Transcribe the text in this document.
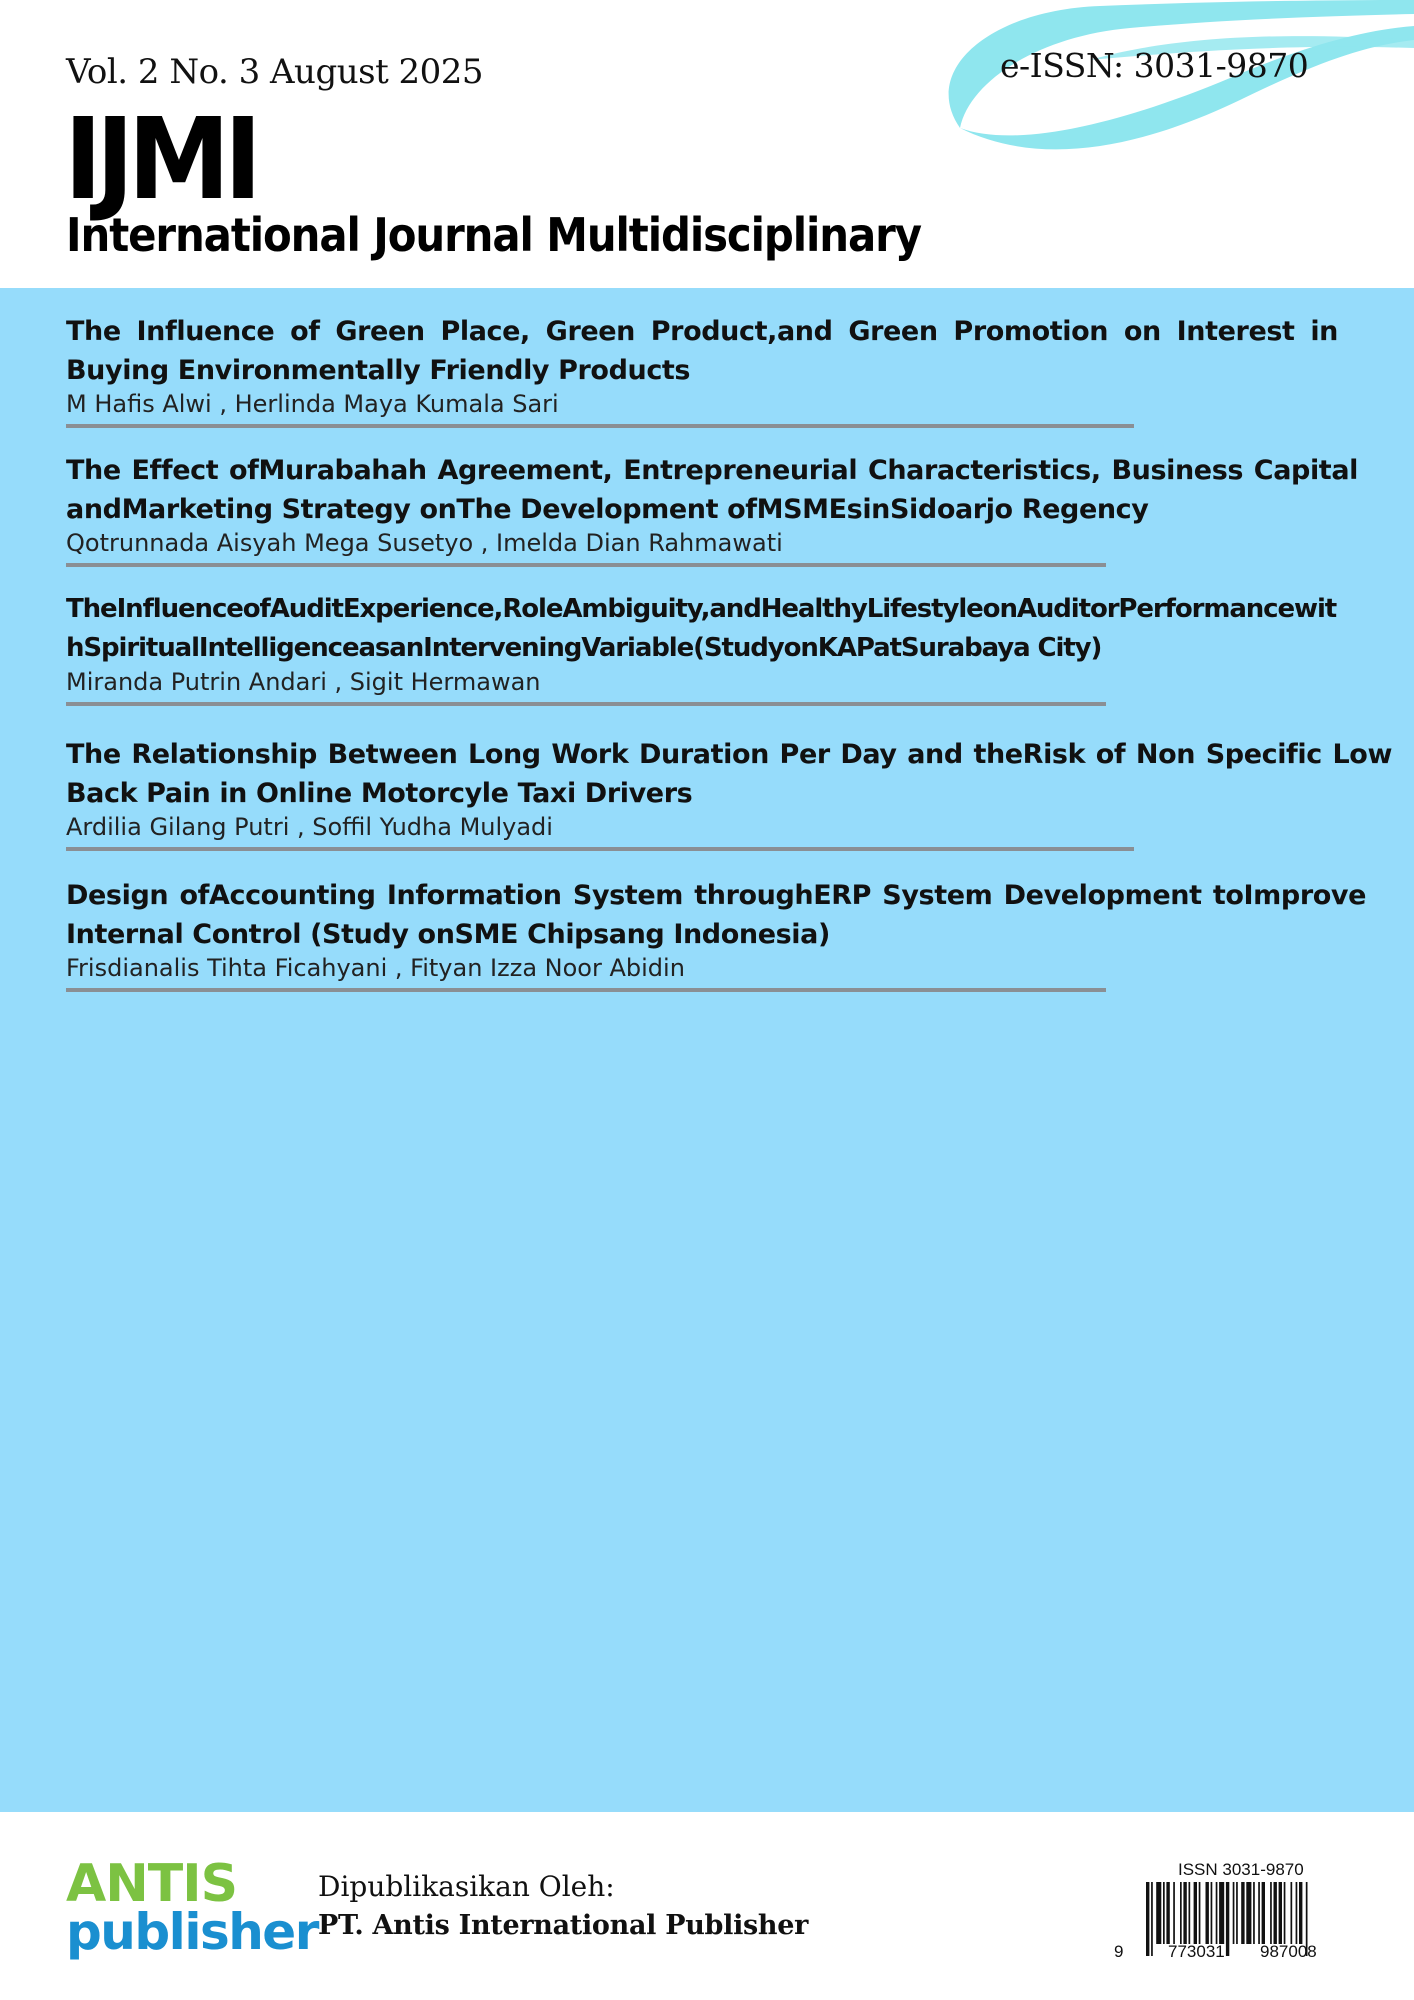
Vol. 2 No. 3 August 2025	e-ISSN: 3031-9870
IJMI
International Journal Multidisciplinary
The Influence of Green Place, Green Product,and Green Promotion on Interest in Buying Environmentally Friendly Products
M Hafis Alwi , Herlinda Maya Kumala Sari
The Effect ofMurabahah Agreement, Entrepreneurial Characteristics, Business Capital andMarketing Strategy onThe Development ofMSMEsinSidoarjo Regency
Qotrunnada Aisyah Mega Susetyo , Imelda Dian Rahmawati
TheInfluenceofAuditExperience,RoleAmbiguity,andHealthyLifestyleonAuditorPerformancewithSpiritualIntelligenceasanInterveningVariable(StudyonKAPatSurabaya City)
Miranda Putrin Andari , Sigit Hermawan
The Relationship Between Long Work Duration Per Day and theRisk of Non Specific Low Back Pain in Online Motorcyle Taxi Drivers
Ardilia Gilang Putri , Soffil Yudha Mulyadi
Design ofAccounting Information System throughERP System Development toImprove Internal Control (Study onSME Chipsang Indonesia)
Frisdianalis Tihta Ficahyani , Fityan Izza Noor Abidin
ANTIS
publisher
Dipublikasikan Oleh:
PT. Antis International Publisher
ISSN 3031-9870
9	773031 987008
